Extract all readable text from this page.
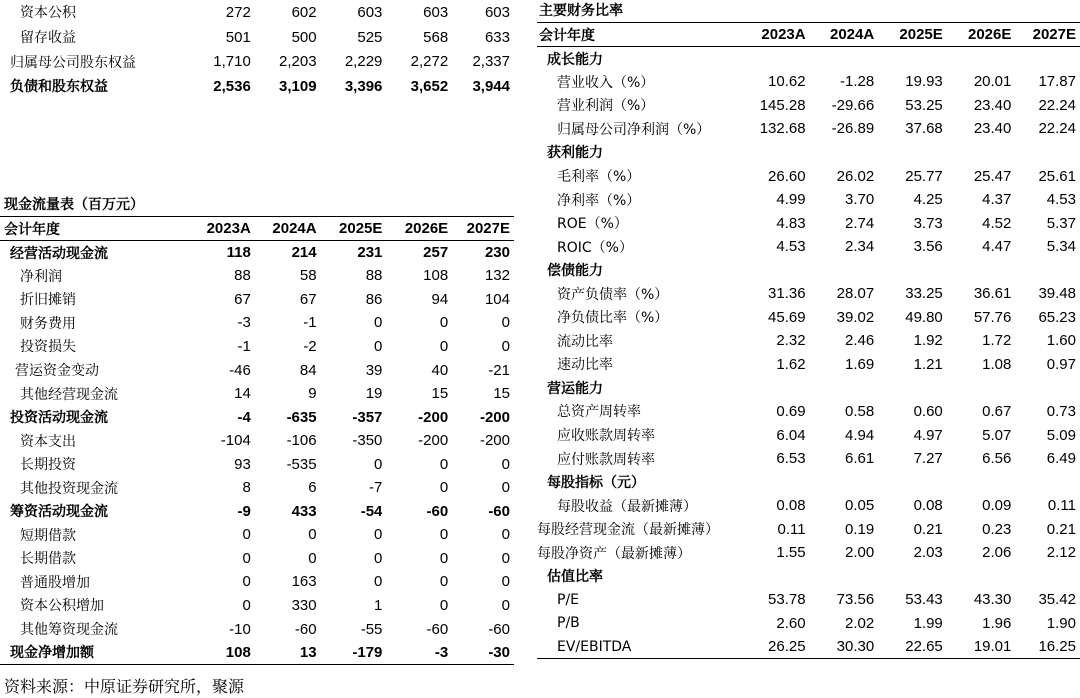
资本公积	272	602	603	603	603
留存收益	501	500	525	568	633
归属母公司股东权益	1,710	2,203	2,229	2,272	2,337
负债和股东权益	2,536	3,109	3,396	3,652	3,944
现金流量表（百万元）
会计年度	2023A	2024A	2025E	2026E	2027E
经营活动现金流	118	214	231	257	230
净利润	88	58	88	108	132
折旧摊销	67	67	86	94	104
财务费用	-3	-1	0	0	0
投资损失	-1	-2	0	0	0
营运资金变动	-46	84	39	40	-21
其他经营现金流	14	9	19	15	15
投资活动现金流	-4	-635	-357	-200	-200
资本支出	-104	-106	-350	-200	-200
长期投资	93	-535	0	0	0
其他投资现金流	8	6	-7	0	0
筹资活动现金流	-9	433	-54	-60	-60
短期借款	0	0	0	0	0
长期借款	0	0	0	0	0
普通股增加	0	163	0	0	0
资本公积增加	0	330	1	0	0
其他筹资现金流	-10	-60	-55	-60	-60
现金净增加额	108	13	-179	-3	-30
主要财务比率
会计年度	2023A	2024A	2025E	2026E	2027E
成长能力					
营业收入（%）	10.62	-1.28	19.93	20.01	17.87
营业利润（%）	145.28	-29.66	53.25	23.40	22.24
归属母公司净利润（%）	132.68	-26.89	37.68	23.40	22.24
获利能力					
毛利率（%）	26.60	26.02	25.77	25.47	25.61
净利率（%）	4.99	3.70	4.25	4.37	4.53
ROE（%）	4.83	2.74	3.73	4.52	5.37
ROIC（%）	4.53	2.34	3.56	4.47	5.34
偿债能力					
资产负债率（%）	31.36	28.07	33.25	36.61	39.48
净负债比率（%）	45.69	39.02	49.80	57.76	65.23
流动比率	2.32	2.46	1.92	1.72	1.60
速动比率	1.62	1.69	1.21	1.08	0.97
营运能力					
总资产周转率	0.69	0.58	0.60	0.67	0.73
应收账款周转率	6.04	4.94	4.97	5.07	5.09
应付账款周转率	6.53	6.61	7.27	6.56	6.49
每股指标（元）					
每股收益（最新摊薄）	0.08	0.05	0.08	0.09	0.11
每股经营现金流（最新摊薄）	0.11	0.19	0.21	0.23	0.21
每股净资产（最新摊薄）	1.55	2.00	2.03	2.06	2.12
估值比率					
P/E	53.78	73.56	53.43	43.30	35.42
P/B	2.60	2.02	1.99	1.96	1.90
EV/EBITDA	26.25	30.30	22.65	19.01	16.25
资料来源：中原证券研究所，聚源
